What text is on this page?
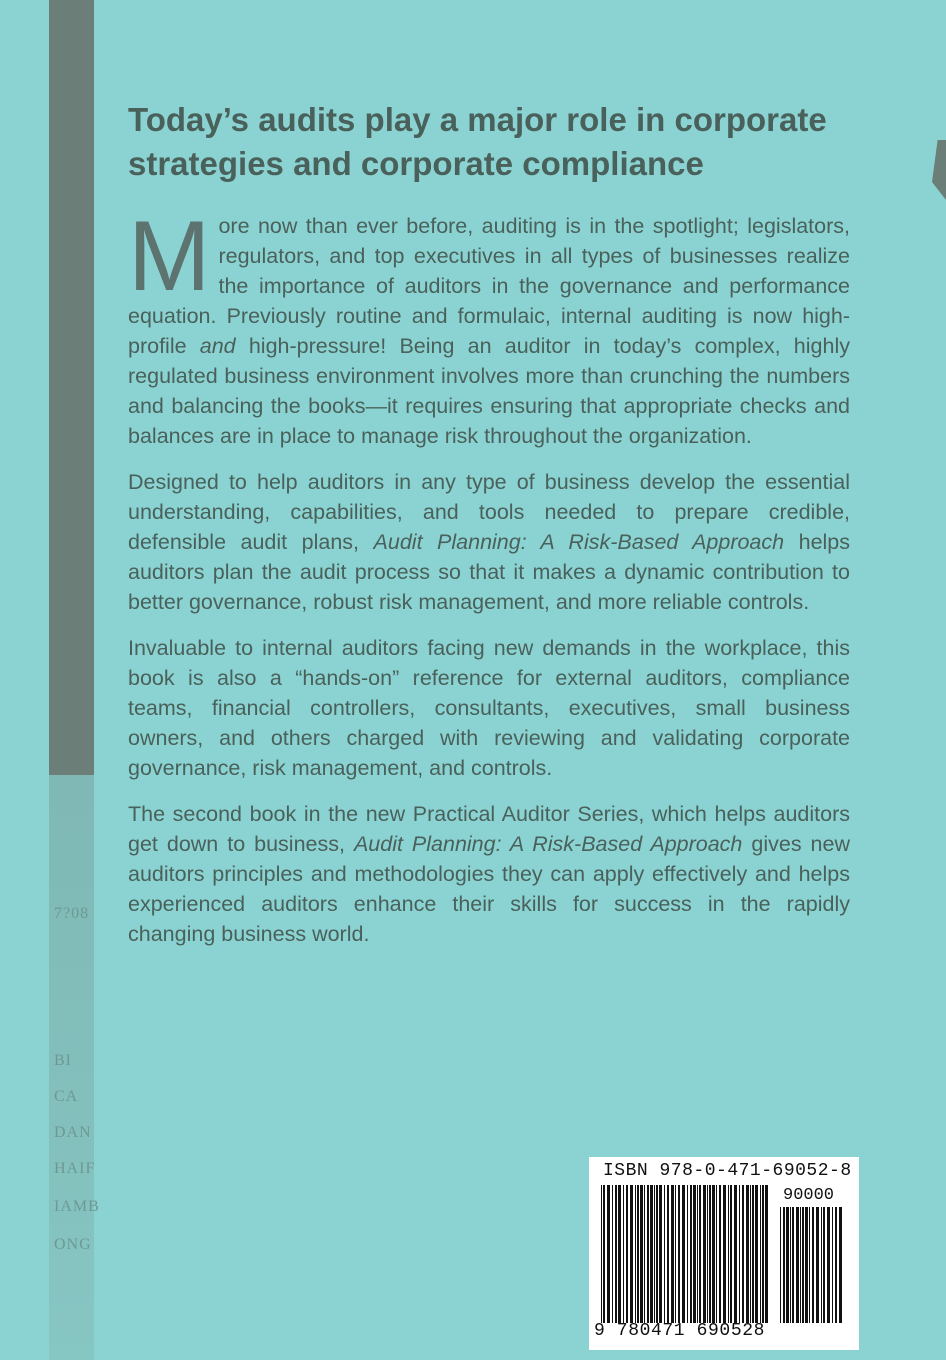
7?08
BI
CA
DAN
HAIF
IAMB
ONG
Today’s audits play a major role in corporate strategies and corporate compliance

More now than ever before, auditing is in the spotlight; legislators, regulators, and top executives in all types of businesses realize the importance of auditors in the governance and performance equation. Previously routine and formulaic, internal auditing is now high-profile and high-pressure! Being an auditor in today’s complex, highly regulated business environment involves more than crunching the numbers and balancing the books—it requires ensuring that appropriate checks and balances are in place to manage risk throughout the organization.

Designed to help auditors in any type of business develop the essential understanding, capabilities, and tools needed to prepare credible, defensible audit plans, Audit Planning: A Risk-Based Approach helps auditors plan the audit process so that it makes a dynamic contribution to better governance, robust risk management, and more reliable controls.

Invaluable to internal auditors facing new demands in the workplace, this book is also a “hands-on” reference for external auditors, compliance teams, financial controllers, consultants, executives, small business owners, and others charged with reviewing and validating corporate governance, risk management, and controls.

The second book in the new Practical Auditor Series, which helps auditors get down to business, Audit Planning: A Risk-Based Approach gives new auditors principles and methodologies they can apply effectively and helps experienced auditors enhance their skills for success in the rapidly changing business world.

ISBN 978-0-471-69052-8
90000
9 780471 690528
